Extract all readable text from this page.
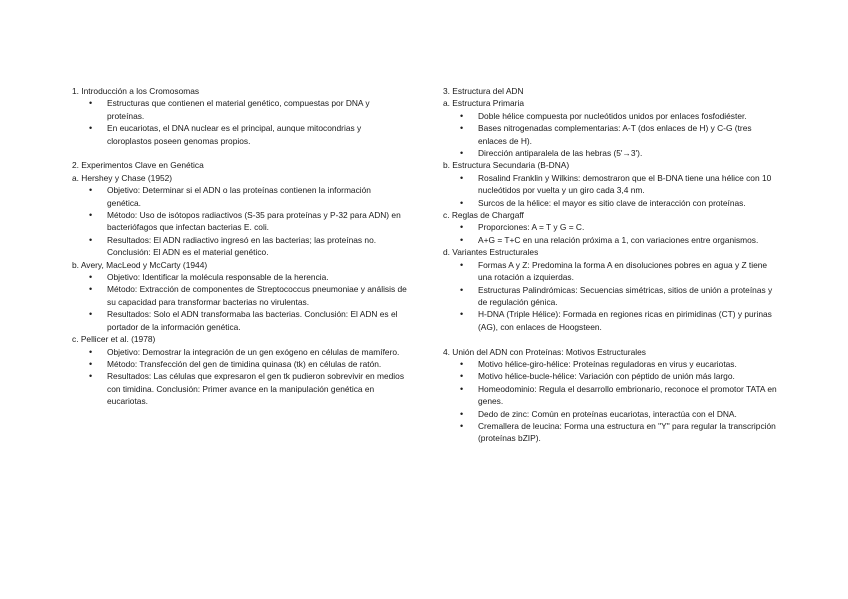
1. Introducción a los Cromosomas

• Estructuras que contienen el material genético, compuestas por DNA y proteínas.
• En eucariotas, el DNA nuclear es el principal, aunque mitocondrias y cloroplastos poseen genomas propios.

2. Experimentos Clave en Genética

a. Hershey y Chase (1952)

• Objetivo: Determinar si el ADN o las proteínas contienen la información genética.
• Método: Uso de isótopos radiactivos (S-35 para proteínas y P-32 para ADN) en bacteriófagos que infectan bacterias E. coli.
• Resultados: El ADN radiactivo ingresó en las bacterias; las proteínas no. Conclusión: El ADN es el material genético.

b. Avery, MacLeod y McCarty (1944)

• Objetivo: Identificar la molécula responsable de la herencia.
• Método: Extracción de componentes de Streptococcus pneumoniae y análisis de su capacidad para transformar bacterias no virulentas.
• Resultados: Solo el ADN transformaba las bacterias. Conclusión: El ADN es el portador de la información genética.

c. Pellicer et al. (1978)

• Objetivo: Demostrar la integración de un gen exógeno en células de mamífero.
• Método: Transfección del gen de timidina quinasa (tk) en células de ratón.
• Resultados: Las células que expresaron el gen tk pudieron sobrevivir en medios con timidina. Conclusión: Primer avance en la manipulación genética en eucariotas.

3. Estructura del ADN

a. Estructura Primaria

• Doble hélice compuesta por nucleótidos unidos por enlaces fosfodiéster.
• Bases nitrogenadas complementarias: A-T (dos enlaces de H) y C-G (tres enlaces de H).
• Dirección antiparalela de las hebras (5'→3').

b. Estructura Secundaria (B-DNA)

• Rosalind Franklin y Wilkins: demostraron que el B-DNA tiene una hélice con 10 nucleótidos por vuelta y un giro cada 3,4 nm.
• Surcos de la hélice: el mayor es sitio clave de interacción con proteínas.

c. Reglas de Chargaff

• Proporciones: A = T y G = C.
• A+G = T+C en una relación próxima a 1, con variaciones entre organismos.

d. Variantes Estructurales

• Formas A y Z: Predomina la forma A en disoluciones pobres en agua y Z tiene una rotación a izquierdas.
• Estructuras Palindrómicas: Secuencias simétricas, sitios de unión a proteínas y de regulación génica.
• H-DNA (Triple Hélice): Formada en regiones ricas en pirimidinas (CT) y purinas (AG), con enlaces de Hoogsteen.

4. Unión del ADN con Proteínas: Motivos Estructurales

• Motivo hélice-giro-hélice: Proteínas reguladoras en virus y eucariotas.
• Motivo hélice-bucle-hélice: Variación con péptido de unión más largo.
• Homeodominio: Regula el desarrollo embrionario, reconoce el promotor TATA en genes.
• Dedo de zinc: Común en proteínas eucariotas, interactúa con el DNA.
• Cremallera de leucina: Forma una estructura en "Y" para regular la transcripción (proteínas bZIP).
